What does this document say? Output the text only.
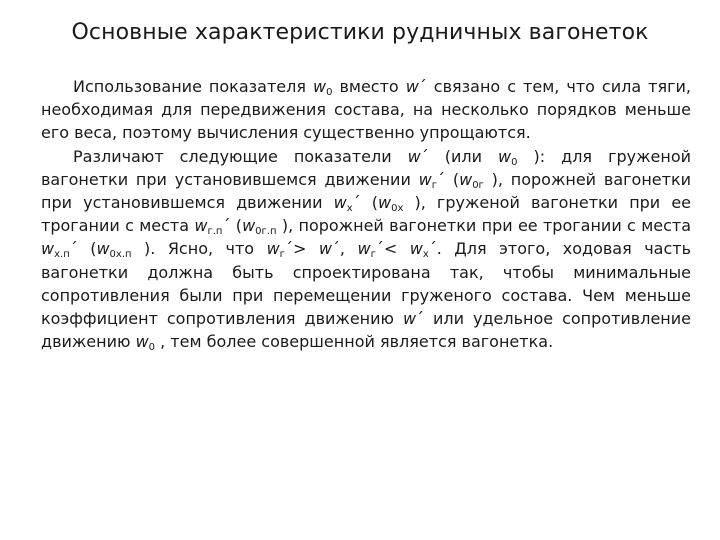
Основные характеристики рудничных вагонеток

Использование показателя $w_0$ вместо w´ связано с тем, что сила тяги, необходимая для передвижения состава, на несколько порядков меньше его веса, поэтому вычисления существенно упрощаются.

Различают следующие показатели w´ (или $w_0$ ): для груженой вагонетки при установившемся движении $w_г´$ ($w_{0г}$ ), порожней вагонетки при установившемся движении $w_x´$ ($w_{0x}$ ), груженой вагонетки при ее трогании с места $w_{г.п}´$ ($w_{0г.п}$ ), порожней вагонетки при ее трогании с места $w_{х.п}´$ ($w_{0х.п}$ ). Ясно, что $w_г´>$ w´, $w_г´<$ $w_х´$. Для этого, ходовая часть вагонетки должна быть спроектирована так, чтобы минимальные сопротивления были при перемещении груженого состава. Чем меньше коэффициент сопротивления движению w´ или удельное сопротивление движению $w_0$ , тем более совершенной является вагонетка.
